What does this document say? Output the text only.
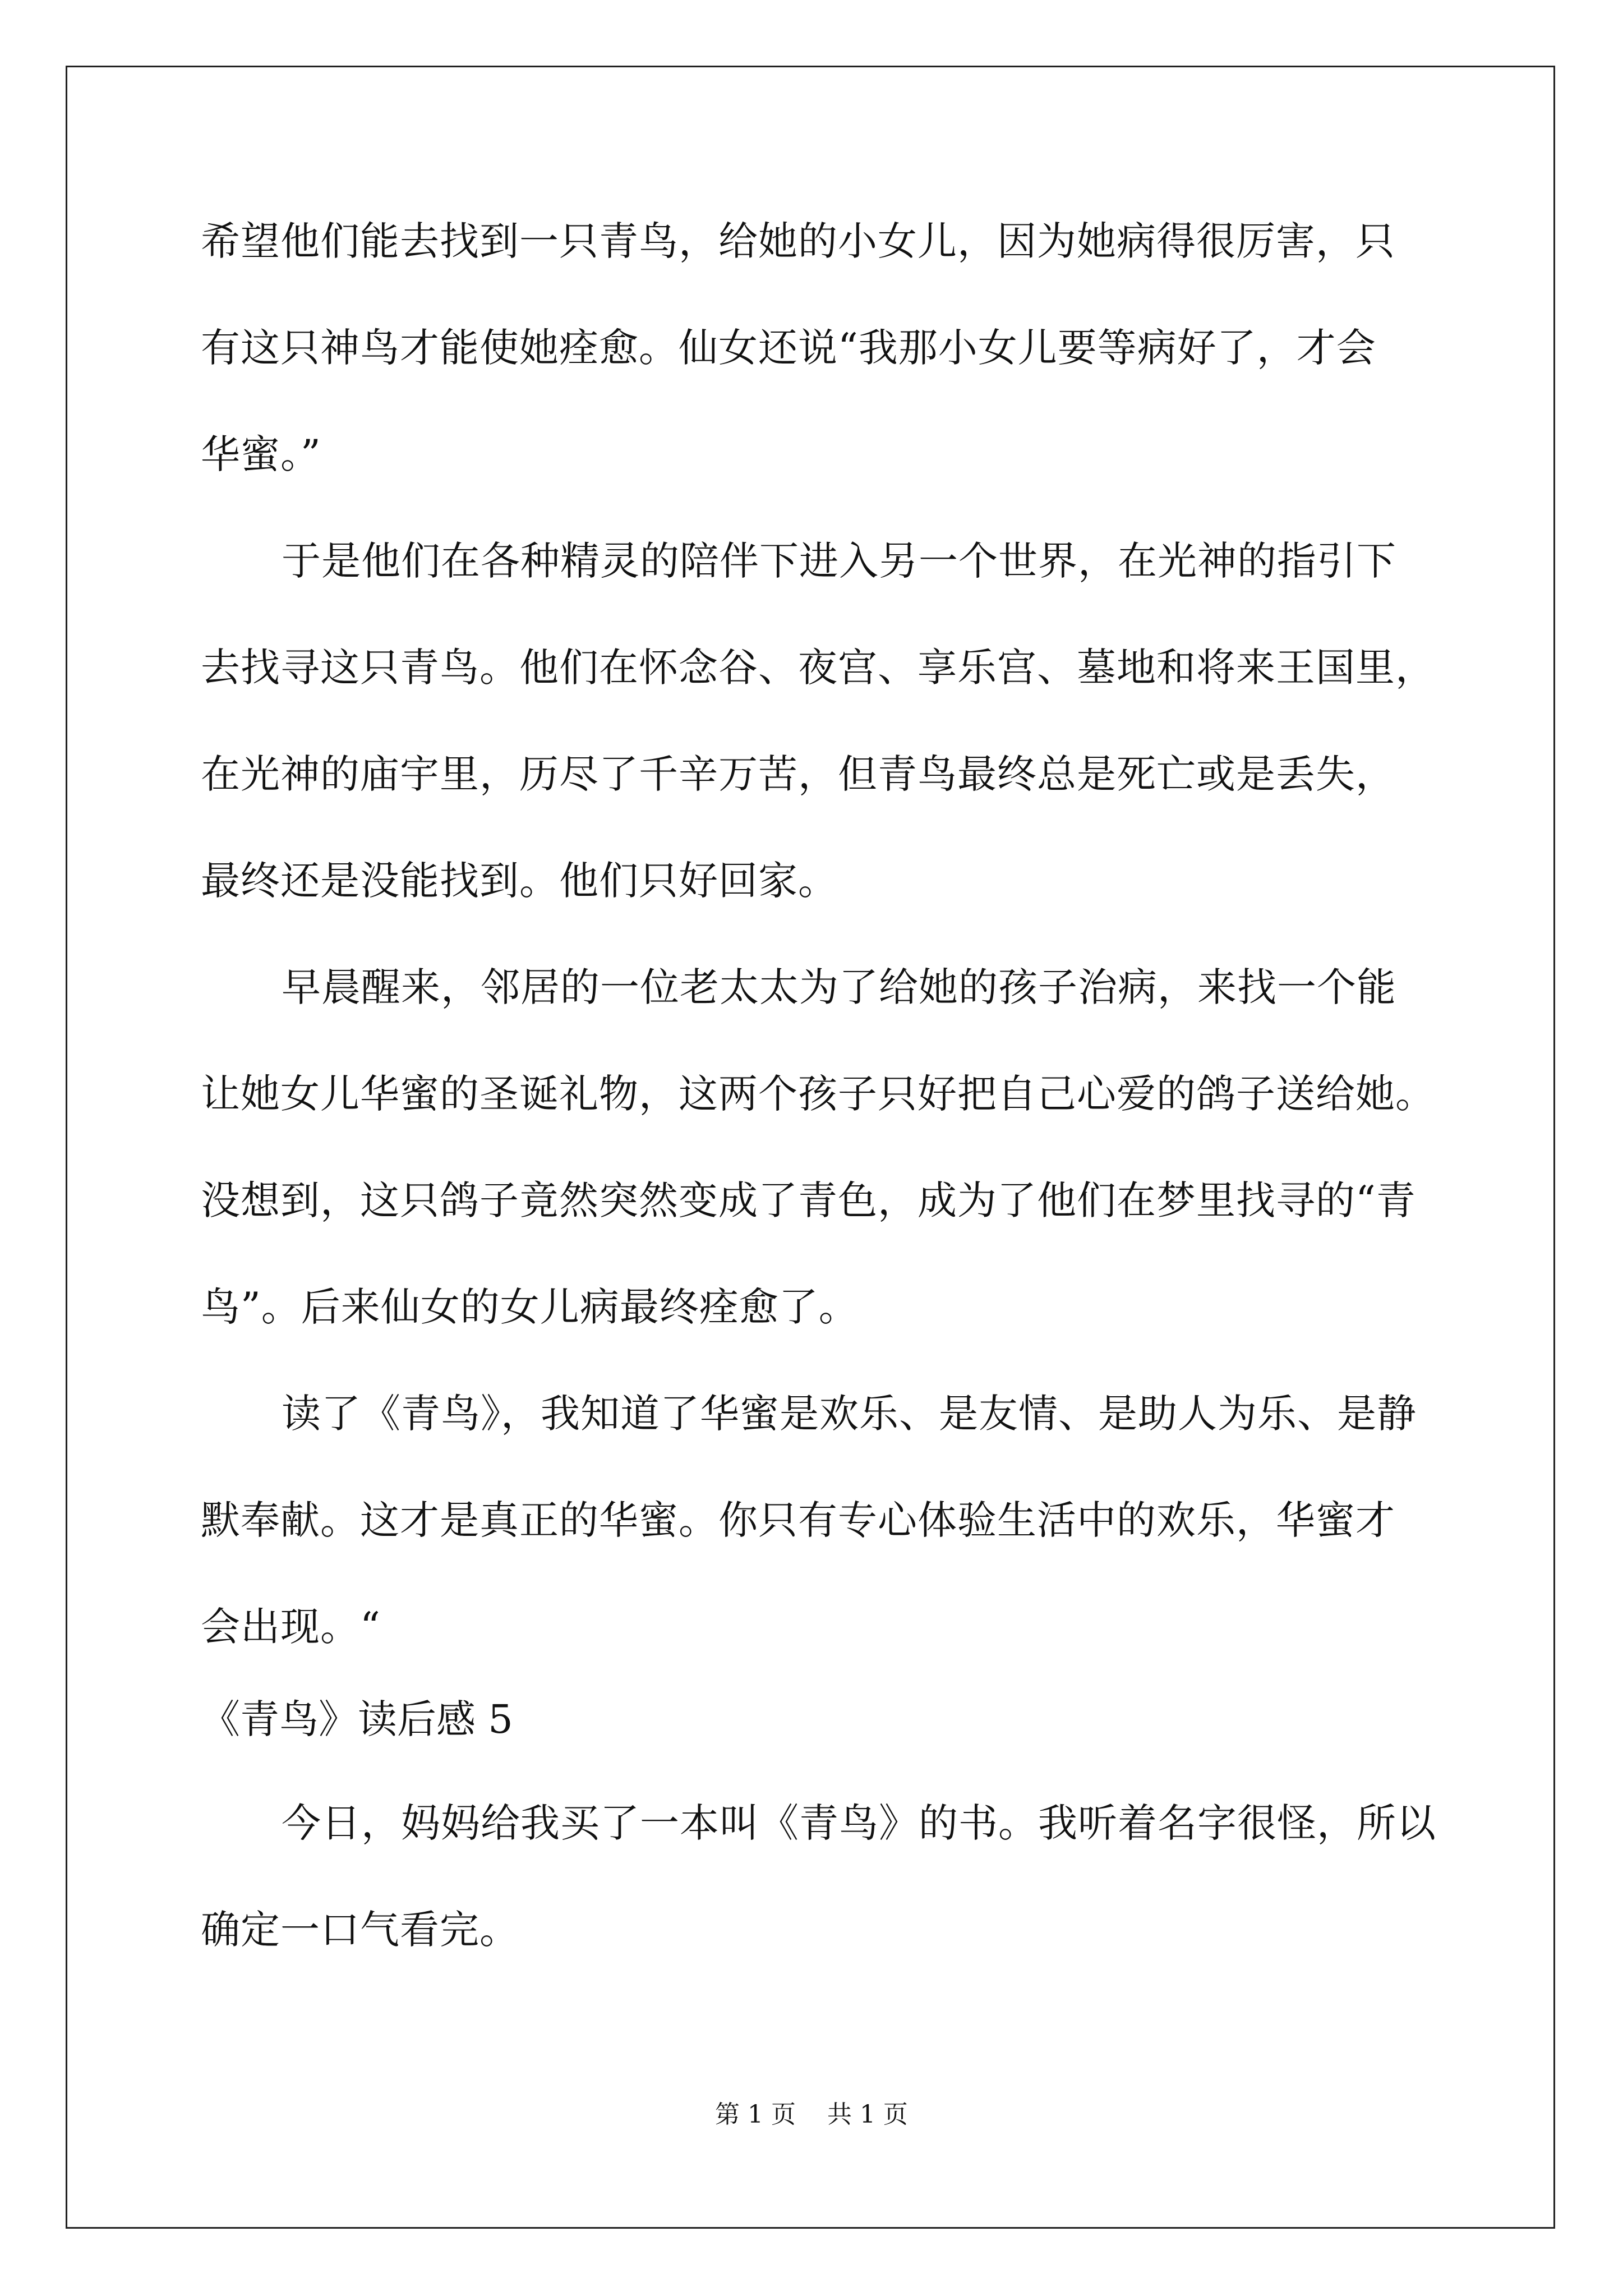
希望他们能去找到一只青鸟，给她的小女儿，因为她病得很厉害，只
有这只神鸟才能使她痊愈。仙女还说“我那小女儿要等病好了，才会
华蜜。”
于是他们在各种精灵的陪伴下进入另一个世界，在光神的指引下
去找寻这只青鸟。他们在怀念谷、夜宫、享乐宫、墓地和将来王国里，
在光神的庙宇里，历尽了千辛万苦，但青鸟最终总是死亡或是丢失，
最终还是没能找到。他们只好回家。
早晨醒来，邻居的一位老太太为了给她的孩子治病，来找一个能
让她女儿华蜜的圣诞礼物，这两个孩子只好把自己心爱的鸽子送给她。
没想到，这只鸽子竟然突然变成了青色，成为了他们在梦里找寻的“青
鸟”。后来仙女的女儿病最终痊愈了。
读了《青鸟》，我知道了华蜜是欢乐、是友情、是助人为乐、是静
默奉献。这才是真正的华蜜。你只有专心体验生活中的欢乐，华蜜才
会出现。“
《青鸟》读后感 5
今日，妈妈给我买了一本叫《青鸟》的书。我听着名字很怪，所以
确定一口气看完。
第 1 页    共 1 页
